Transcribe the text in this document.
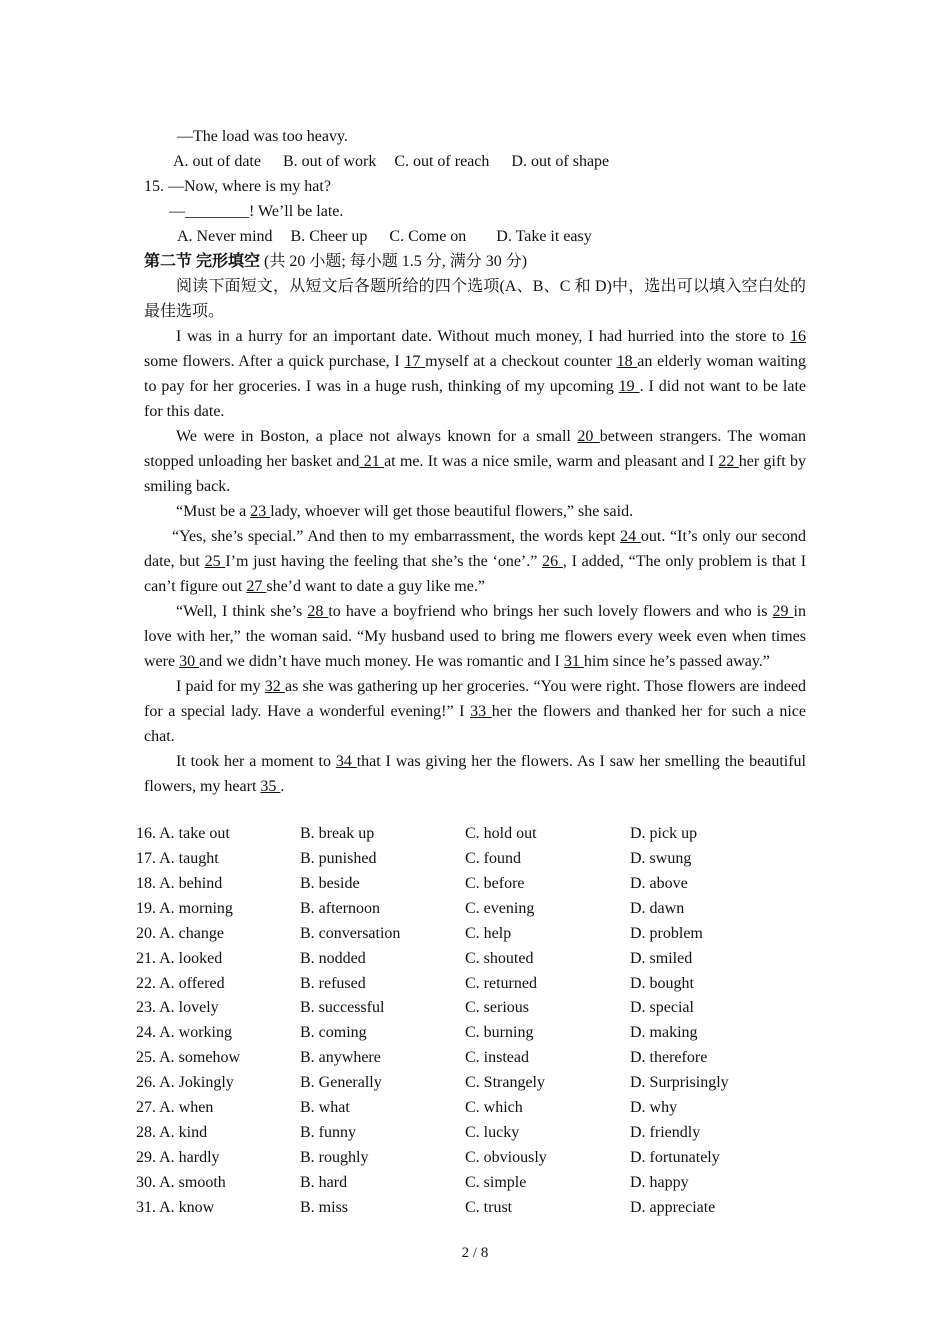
—The load was too heavy.
A. out of date B. out of work C. out of reach D. out of shape
15. —Now, where is my hat?
—________! We’ll be late.
A. Never mind B. Cheer up C. Come on D. Take it easy
第二节 完形填空 (共 20 小题; 每小题 1.5 分, 满分 30 分)

阅读下面短文，从短文后各题所给的四个选项(A、B、C 和 D)中，选出可以填入空白处的最佳选项。

I was in a hurry for an important date. Without much money, I had hurried into the store to 16 some flowers. After a quick purchase, I 17 myself at a checkout counter 18 an elderly woman waiting to pay for her groceries. I was in a huge rush, thinking of my upcoming 19 . I did not want to be late for this date.

We were in Boston, a place not always known for a small 20 between strangers. The woman stopped unloading her basket and 21 at me. It was a nice smile, warm and pleasant and I 22 her gift by smiling back.

“Must be a 23 lady, whoever will get those beautiful flowers,” she said.

“Yes, she’s special.” And then to my embarrassment, the words kept 24 out. “It’s only our second date, but 25 I’m just having the feeling that she’s the ‘one’.” 26 , I added, “The only problem is that I can’t figure out 27 she’d want to date a guy like me.”

“Well, I think she’s 28 to have a boyfriend who brings her such lovely flowers and who is 29 in love with her,” the woman said. “My husband used to bring me flowers every week even when times were 30 and we didn’t have much money. He was romantic and I 31 him since he’s passed away.”

I paid for my 32 as she was gathering up her groceries. “You were right. Those flowers are indeed for a special lady. Have a wonderful evening!” I 33 her the flowers and thanked her for such a nice chat.

It took her a moment to 34 that I was giving her the flowers. As I saw her smelling the beautiful flowers, my heart 35 .

16. A. take out	B. break up	C. hold out	D. pick up
17. A. taught	B. punished	C. found	D. swung
18. A. behind	B. beside	C. before	D. above
19. A. morning	B. afternoon	C. evening	D. dawn
20. A. change	B. conversation	C. help	D. problem
21. A. looked	B. nodded	C. shouted	D. smiled
22. A. offered	B. refused	C. returned	D. bought
23. A. lovely	B. successful	C. serious	D. special
24. A. working	B. coming	C. burning	D. making
25. A. somehow	B. anywhere	C. instead	D. therefore
26. A. Jokingly	B. Generally	C. Strangely	D. Surprisingly
27. A. when	B. what	C. which	D. why
28. A. kind	B. funny	C. lucky	D. friendly
29. A. hardly	B. roughly	C. obviously	D. fortunately
30. A. smooth	B. hard	C. simple	D. happy
31. A. know	B. miss	C. trust	D. appreciate
2 / 8
